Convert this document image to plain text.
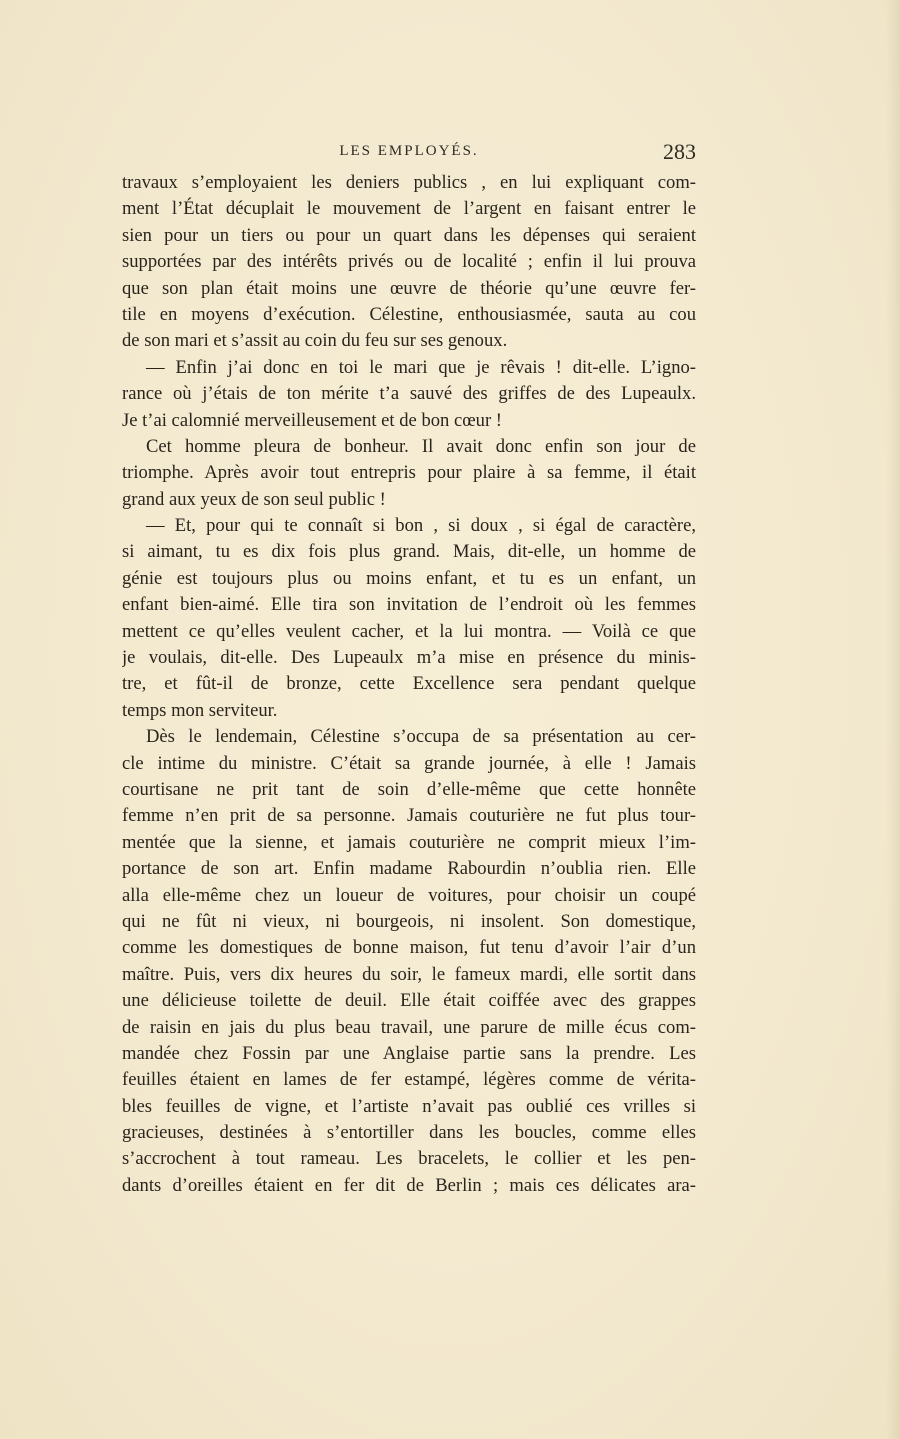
LES EMPLOYÉS.	283
travaux s’employaient les deniers publics , en lui expliquant com-
ment l’État décuplait le mouvement de l’argent en faisant entrer le
sien pour un tiers ou pour un quart dans les dépenses qui seraient
supportées par des intérêts privés ou de localité ; enfin il lui prouva
que son plan était moins une œuvre de théorie qu’une œuvre fer-
tile en moyens d’exécution. Célestine, enthousiasmée, sauta au cou
de son mari et s’assit au coin du feu sur ses genoux.
— Enfin j’ai donc en toi le mari que je rêvais ! dit-elle. L’igno-
rance où j’étais de ton mérite t’a sauvé des griffes de des Lupeaulx.
Je t’ai calomnié merveilleusement et de bon cœur !
Cet homme pleura de bonheur. Il avait donc enfin son jour de
triomphe. Après avoir tout entrepris pour plaire à sa femme, il était
grand aux yeux de son seul public !
— Et, pour qui te connaît si bon , si doux , si égal de caractère,
si aimant, tu es dix fois plus grand. Mais, dit-elle, un homme de
génie est toujours plus ou moins enfant, et tu es un enfant, un
enfant bien-aimé. Elle tira son invitation de l’endroit où les femmes
mettent ce qu’elles veulent cacher, et la lui montra. — Voilà ce que
je voulais, dit-elle. Des Lupeaulx m’a mise en présence du minis-
tre, et fût-il de bronze, cette Excellence sera pendant quelque
temps mon serviteur.
Dès le lendemain, Célestine s’occupa de sa présentation au cer-
cle intime du ministre. C’était sa grande journée, à elle ! Jamais
courtisane ne prit tant de soin d’elle-même que cette honnête
femme n’en prit de sa personne. Jamais couturière ne fut plus tour-
mentée que la sienne, et jamais couturière ne comprit mieux l’im-
portance de son art. Enfin madame Rabourdin n’oublia rien. Elle
alla elle-même chez un loueur de voitures, pour choisir un coupé
qui ne fût ni vieux, ni bourgeois, ni insolent. Son domestique,
comme les domestiques de bonne maison, fut tenu d’avoir l’air d’un
maître. Puis, vers dix heures du soir, le fameux mardi, elle sortit dans
une délicieuse toilette de deuil. Elle était coiffée avec des grappes
de raisin en jais du plus beau travail, une parure de mille écus com-
mandée chez Fossin par une Anglaise partie sans la prendre. Les
feuilles étaient en lames de fer estampé, légères comme de vérita-
bles feuilles de vigne, et l’artiste n’avait pas oublié ces vrilles si
gracieuses, destinées à s’entortiller dans les boucles, comme elles
s’accrochent à tout rameau. Les bracelets, le collier et les pen-
dants d’oreilles étaient en fer dit de Berlin ; mais ces délicates ara-
